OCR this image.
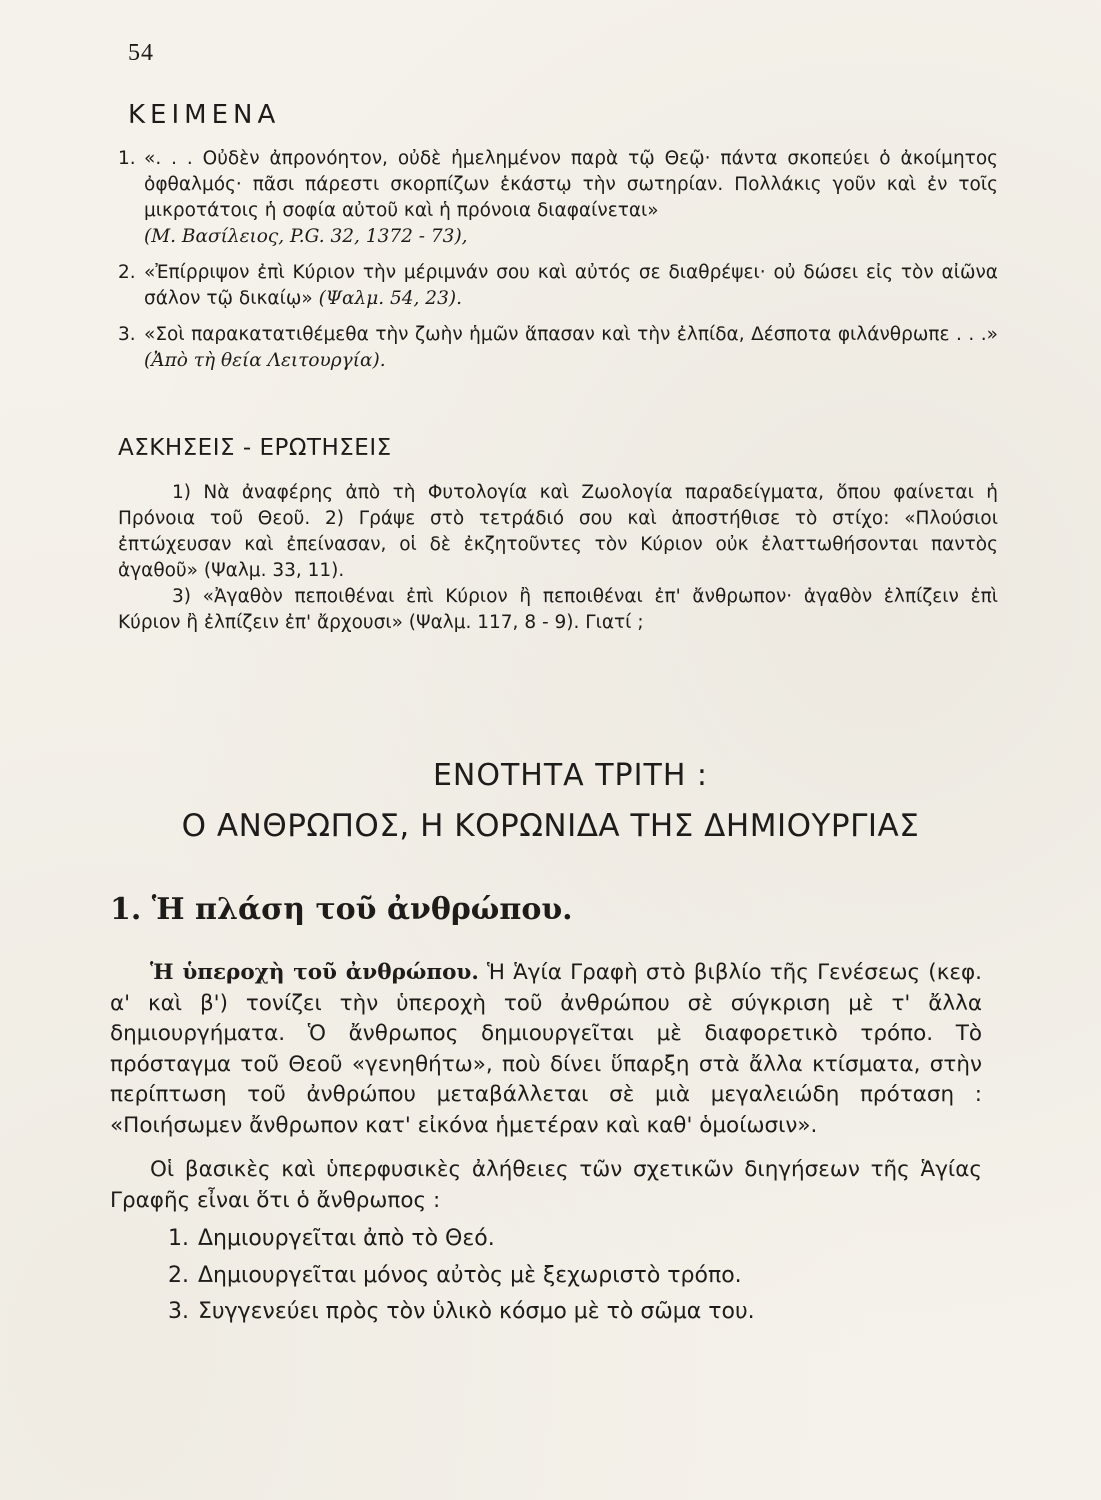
54
ΚΕΙΜΕΝΑ
1. «. . . Οὐδὲν ἀπρονόητον, οὐδὲ ἠμελημένον παρὰ τῷ Θεῷ· πάντα σκοπεύει ὁ ἀκοίμητος ὀφθαλμός· πᾶσι πάρεστι σκορπίζων ἑκάστῳ τὴν σωτηρίαν. Πολλάκις γοῦν καὶ ἐν τοῖς μικροτάτοις ἡ σοφία αὐτοῦ καὶ ἡ πρόνοια διαφαίνεται»
(Μ. Βασίλειος, P.G. 32, 1372 - 73),
2. «Ἐπίρριψον ἐπὶ Κύριον τὴν μέριμνάν σου καὶ αὐτός σε διαθρέψει· οὐ δώσει εἰς τὸν αἰῶνα σάλον τῷ δικαίῳ» (Ψαλμ. 54, 23).
3. «Σοὶ παρακατατιθέμεθα τὴν ζωὴν ἡμῶν ἅπασαν καὶ τὴν ἐλπίδα, Δέσποτα φιλάνθρωπε . . .» (Ἀπὸ τὴ θεία Λειτουργία).
ΑΣΚΗΣΕΙΣ - ΕΡΩΤΗΣΕΙΣ

1) Νὰ ἀναφέρης ἀπὸ τὴ Φυτολογία καὶ Ζωολογία παραδείγματα, ὅπου φαίνεται ἡ Πρόνοια τοῦ Θεοῦ. 2) Γράψε στὸ τετράδιό σου καὶ ἀποστήθισε τὸ στίχο: «Πλούσιοι ἐπτώχευσαν καὶ ἐπείνασαν, οἱ δὲ ἐκζητοῦντες τὸν Κύριον οὐκ ἐλαττωθήσονται παντὸς ἀγαθοῦ» (Ψαλμ. 33, 11).

3) «Ἀγαθὸν πεποιθέναι ἐπὶ Κύριον ἢ πεποιθέναι ἐπ' ἄνθρωπον· ἀγαθὸν ἐλπίζειν ἐπὶ Κύριον ἢ ἐλπίζειν ἐπ' ἄρχουσι» (Ψαλμ. 117, 8 - 9). Γιατί ;

ΕΝΟΤΗΤΑ ΤΡΙΤΗ :
Ο ΑΝΘΡΩΠΟΣ, Η ΚΟΡΩΝΙΔΑ ΤΗΣ ΔΗΜΙΟΥΡΓΙΑΣ
1. Ἡ πλάση τοῦ ἀνθρώπου.

Ἡ ὑπεροχὴ τοῦ ἀνθρώπου. Ἡ Ἁγία Γραφὴ στὸ βιβλίο τῆς Γενέσεως (κεφ. α' καὶ β') τονίζει τὴν ὑπεροχὴ τοῦ ἀνθρώπου σὲ σύγκριση μὲ τ' ἄλλα δημιουργήματα. Ὁ ἄνθρωπος δημιουργεῖται μὲ διαφορετικὸ τρόπο. Τὸ πρόσταγμα τοῦ Θεοῦ «γενηθήτω», ποὺ δίνει ὕπαρξη στὰ ἄλλα κτίσματα, στὴν περίπτωση τοῦ ἀνθρώπου μεταβάλλεται σὲ μιὰ μεγαλειώδη πρόταση : «Ποιήσωμεν ἄνθρωπον κατ' εἰκόνα ἡμετέραν καὶ καθ' ὁμοίωσιν».

Οἱ βασικὲς καὶ ὑπερφυσικὲς ἀλήθειες τῶν σχετικῶν διηγήσεων τῆς Ἁγίας Γραφῆς εἶναι ὅτι ὁ ἄνθρωπος :

1. Δημιουργεῖται ἀπὸ τὸ Θεό.
2. Δημιουργεῖται μόνος αὐτὸς μὲ ξεχωριστὸ τρόπο.
3. Συγγενεύει πρὸς τὸν ὑλικὸ κόσμο μὲ τὸ σῶμα του.
